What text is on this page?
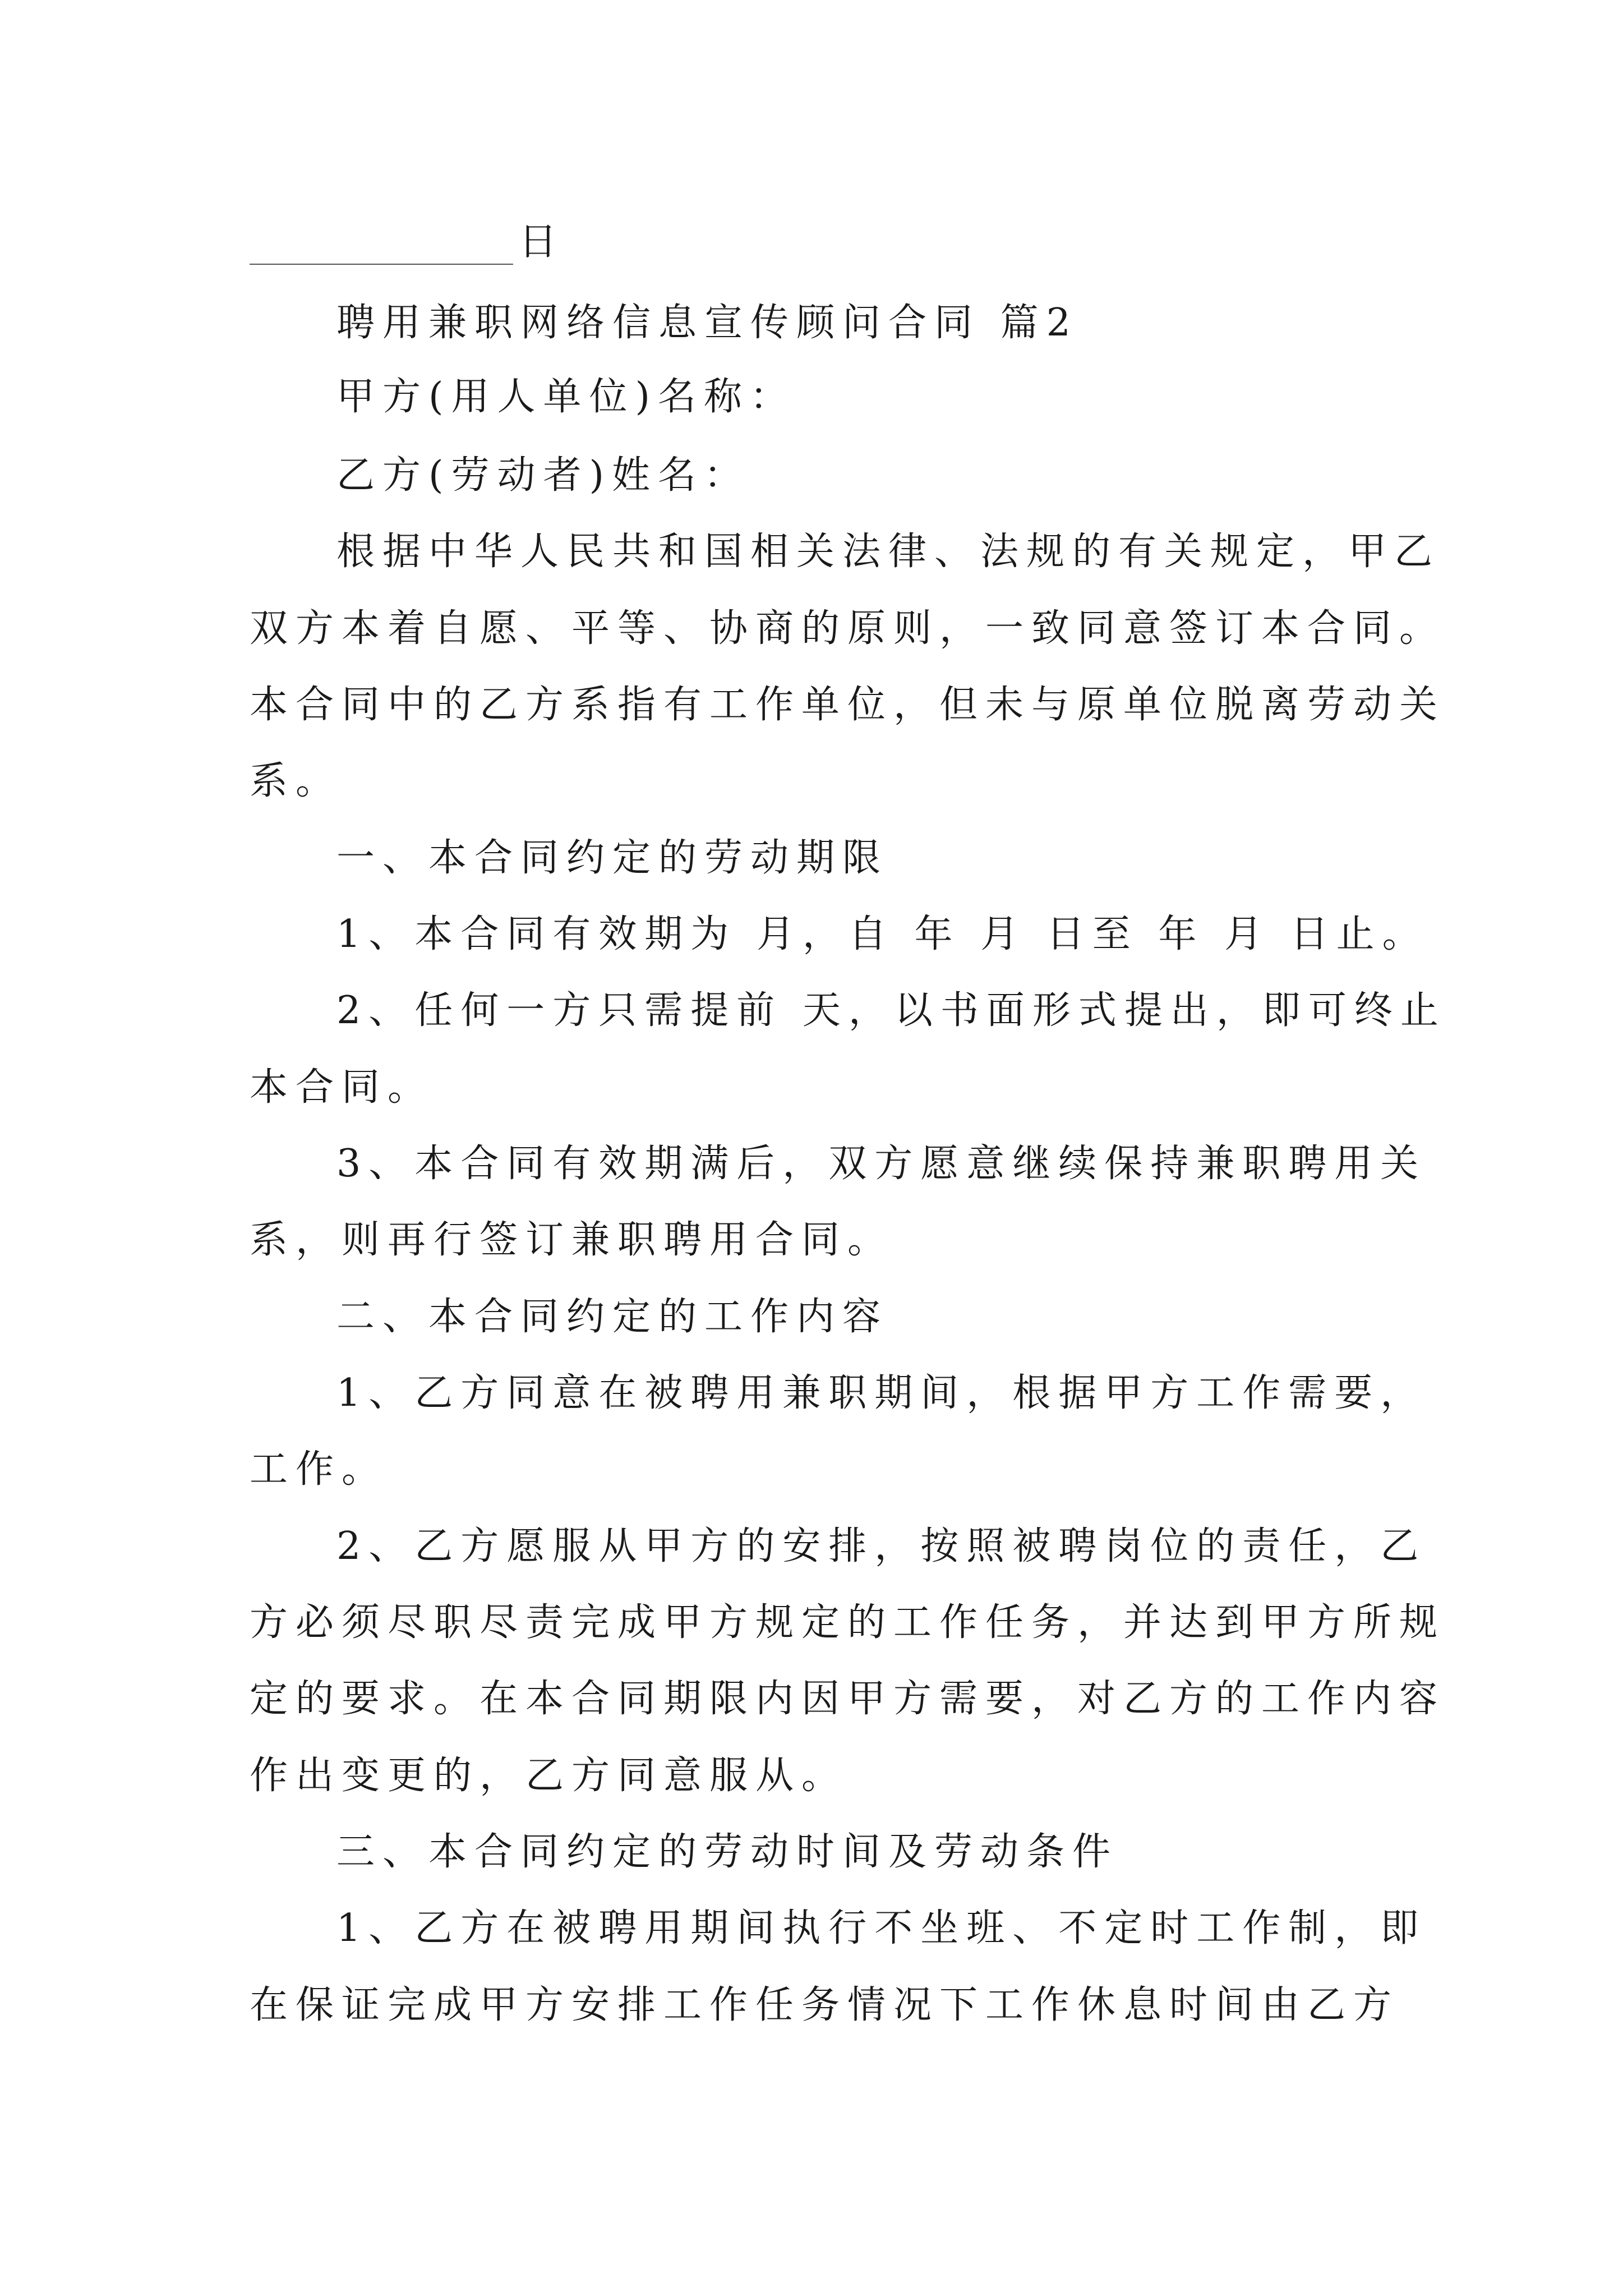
日
聘用兼职网络信息宣传顾问合同 篇2
甲方(用人单位)名称：
乙方(劳动者)姓名：
根据中华人民共和国相关法律、法规的有关规定，甲乙
双方本着自愿、平等、协商的原则，一致同意签订本合同。
本合同中的乙方系指有工作单位，但未与原单位脱离劳动关
系。
一、本合同约定的劳动期限
1、本合同有效期为 月，自 年 月 日至 年 月 日止。
2、任何一方只需提前 天，以书面形式提出，即可终止
本合同。
3、本合同有效期满后，双方愿意继续保持兼职聘用关
系，则再行签订兼职聘用合同。
二、本合同约定的工作内容
1、乙方同意在被聘用兼职期间，根据甲方工作需要，
工作。
2、乙方愿服从甲方的安排，按照被聘岗位的责任，乙
方必须尽职尽责完成甲方规定的工作任务，并达到甲方所规
定的要求。在本合同期限内因甲方需要，对乙方的工作内容
作出变更的，乙方同意服从。
三、本合同约定的劳动时间及劳动条件
1、乙方在被聘用期间执行不坐班、不定时工作制，即
在保证完成甲方安排工作任务情况下工作休息时间由乙方
